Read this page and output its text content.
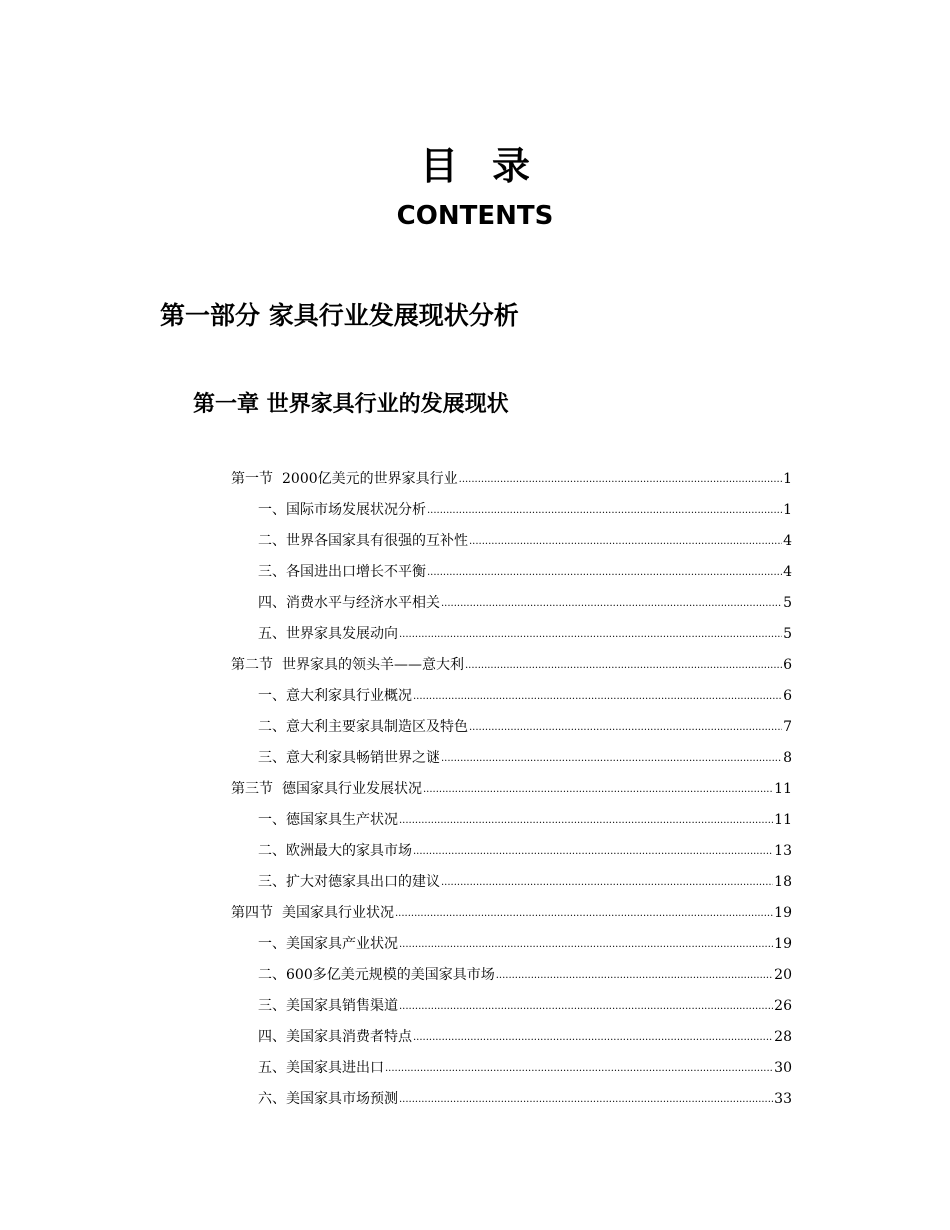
目录
CONTENTS
第一部分 家具行业发展现状分析
第一章 世界家具行业的发展现状
第一节 2000亿美元的世界家具行业 .....	1
一、国际市场发展状况分析 .....	1
二、世界各国家具有很强的互补性 .....	4
三、各国进出口增长不平衡 .....	4
四、消费水平与经济水平相关 .....	5
五、世界家具发展动向 .....	5
第二节 世界家具的领头羊——意大利 .....	6
一、意大利家具行业概况 .....	6
二、意大利主要家具制造区及特色 .....	7
三、意大利家具畅销世界之谜 .....	8
第三节 德国家具行业发展状况 .....	11
一、德国家具生产状况 .....	11
二、欧洲最大的家具市场 .....	13
三、扩大对德家具出口的建议 .....	18
第四节 美国家具行业状况 .....	19
一、美国家具产业状况 .....	19
二、600多亿美元规模的美国家具市场 .....	20
三、美国家具销售渠道 .....	26
四、美国家具消费者特点 .....	28
五、美国家具进出口 .....	30
六、美国家具市场预测 .....	33
